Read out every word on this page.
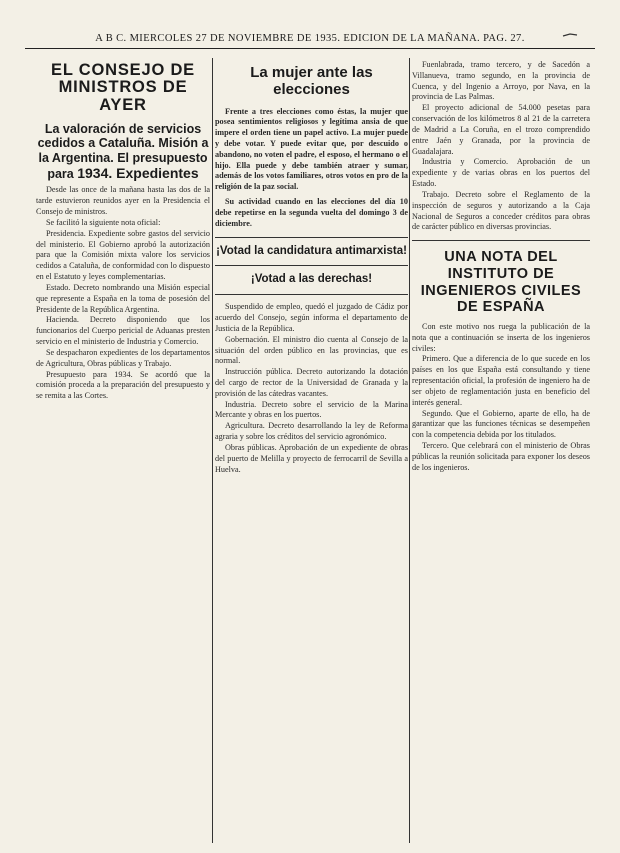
A B C. MIERCOLES 27 DE NOVIEMBRE DE 1935. EDICION DE LA MAÑANA. PAG. 27.
EL CONSEJO DE MINISTROS DE AYER
La valoración de servicios cedidos a Cataluña. Misión a la Argentina. El presupuesto para 1934. Expedientes

Desde las once de la mañana hasta las dos de la tarde estuvieron reunidos ayer en la Presidencia el Consejo de ministros.

Se facilitó la siguiente nota oficial:

Presidencia. Expediente sobre gastos del servicio del ministerio. El Gobierno aprobó la autorización para que la Comisión mixta valore los servicios cedidos a Cataluña, de conformidad con lo dispuesto en el Estatuto y leyes complementarias.

Estado. Decreto nombrando una Misión especial que represente a España en la toma de posesión del Presidente de la República Argentina.

Hacienda. Decreto disponiendo que los funcionarios del Cuerpo pericial de Aduanas presten servicio en el ministerio de Industria y Comercio.

Se despacharon expedientes de los departamentos de Agricultura, Obras públicas y Trabajo.

Presupuesto para 1934. Se acordó que la comisión proceda a la preparación del presupuesto y se remita a las Cortes.

La mujer ante las elecciones

Frente a tres elecciones como éstas, la mujer que posea sentimientos religiosos y legítima ansia de que impere el orden tiene un papel activo. La mujer puede y debe votar. Y puede evitar que, por descuido o abandono, no voten el padre, el esposo, el hermano o el hijo. Ella puede y debe también atraer y sumar, además de los votos familiares, otros votos en pro de la religión de la paz social.

Su actividad cuando en las elecciones del día 10 debe repetirse en la segunda vuelta del domingo 3 de diciembre.

¡Votad la candidatura antimarxista!
¡Votad a las derechas!

Suspendido de empleo, quedó el juzgado de Cádiz por acuerdo del Consejo, según informa el departamento de Justicia de la República.

Gobernación. El ministro dio cuenta al Consejo de la situación del orden público en las provincias, que es normal.

Instrucción pública. Decreto autorizando la dotación del cargo de rector de la Universidad de Granada y la provisión de las cátedras vacantes.

Industria. Decreto sobre el servicio de la Marina Mercante y obras en los puertos.

Agricultura. Decreto desarrollando la ley de Reforma agraria y sobre los créditos del servicio agronómico.

Obras públicas. Aprobación de un expediente de obras del puerto de Melilla y proyecto de ferrocarril de Sevilla a Huelva.

Fuenlabrada, tramo tercero, y de Sacedón a Villanueva, tramo segundo, en la provincia de Cuenca, y del Ingenio a Arroyo, por Nava, en la provincia de Las Palmas.

El proyecto adicional de 54.000 pesetas para conservación de los kilómetros 8 al 21 de la carretera de Madrid a La Coruña, en el trozo comprendido entre Jaén y Granada, por la provincia de Guadalajara.

Industria y Comercio. Aprobación de un expediente y de varias obras en los puertos del Estado.

Trabajo. Decreto sobre el Reglamento de la inspección de seguros y autorizando a la Caja Nacional de Seguros a conceder créditos para obras de carácter público en diversas provincias.

UNA NOTA DEL INSTITUTO DE INGENIEROS CIVILES DE ESPAÑA

Con este motivo nos ruega la publicación de la nota que a continuación se inserta de los ingenieros civiles:

Primero. Que a diferencia de lo que sucede en los países en los que España está consultando y tiene representación oficial, la profesión de ingeniero ha de ser objeto de reglamentación justa en beneficio del interés general.

Segundo. Que el Gobierno, aparte de ello, ha de garantizar que las funciones técnicas se desempeñen con la competencia debida por los titulados.

Tercero. Que celebrará con el ministerio de Obras públicas la reunión solicitada para exponer los deseos de los ingenieros.
